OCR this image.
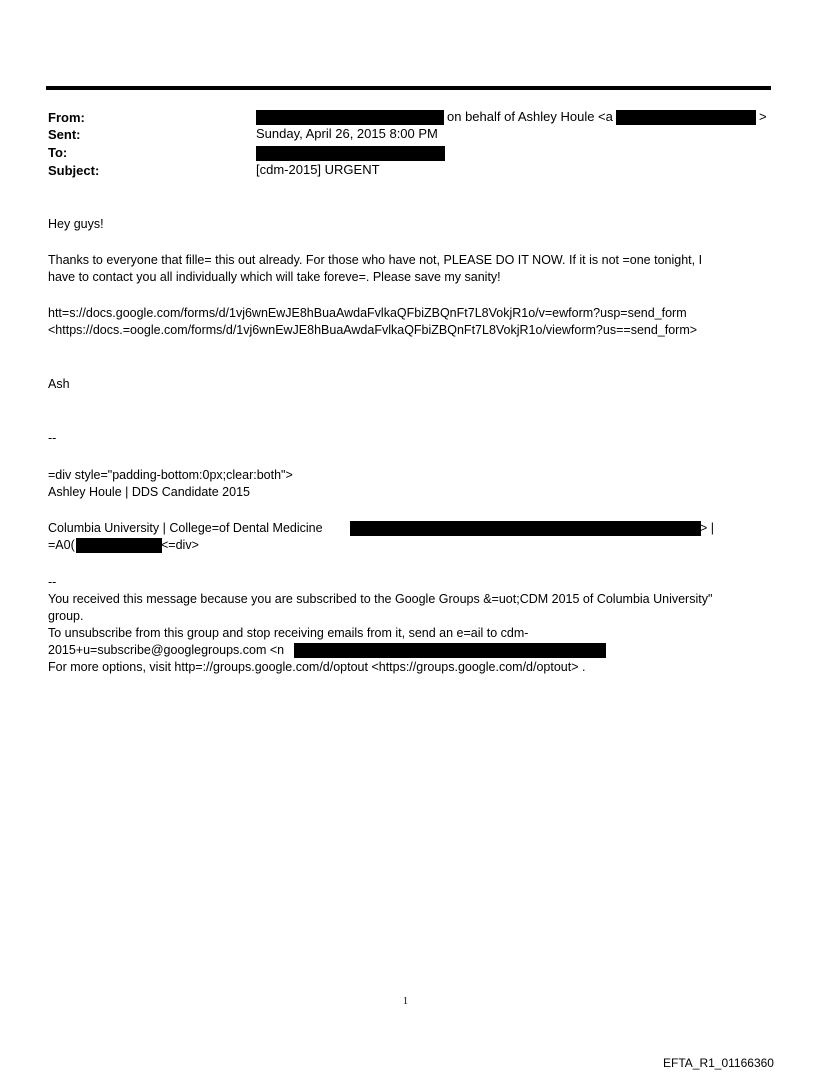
From:	on behalf of Ashley Houle <a	>
Sent:	Sunday, April 26, 2015 8:00 PM
To:
Subject:	[cdm-2015] URGENT
Hey guys!
Thanks to everyone that fille= this out already. For those who have not, PLEASE DO IT NOW. If it is not =one tonight, I
have to contact you all individually which will take foreve=. Please save my sanity!
htt=s://docs.google.com/forms/d/1vj6wnEwJE8hBuaAwdaFvlkaQFbiZBQnFt7L8VokjR1o/v=ewform?usp=send_form
<https://docs.=oogle.com/forms/d/1vj6wnEwJE8hBuaAwdaFvlkaQFbiZBQnFt7L8VokjR1o/viewform?us==send_form>
Ash
--
=div style="padding-bottom:0px;clear:both">
Ashley Houle | DDS Candidate 2015
Columbia University | College=of Dental Medicine	> |
=A0(	<=div>
--
You received this message because you are subscribed to the Google Groups &=uot;CDM 2015 of Columbia University"
group.
To unsubscribe from this group and stop receiving emails from it, send an e=ail to cdm-
2015+u=subscribe@googlegroups.com <n
For more options, visit http=://groups.google.com/d/optout <https://groups.google.com/d/optout> .
1
EFTA_R1_01166360
